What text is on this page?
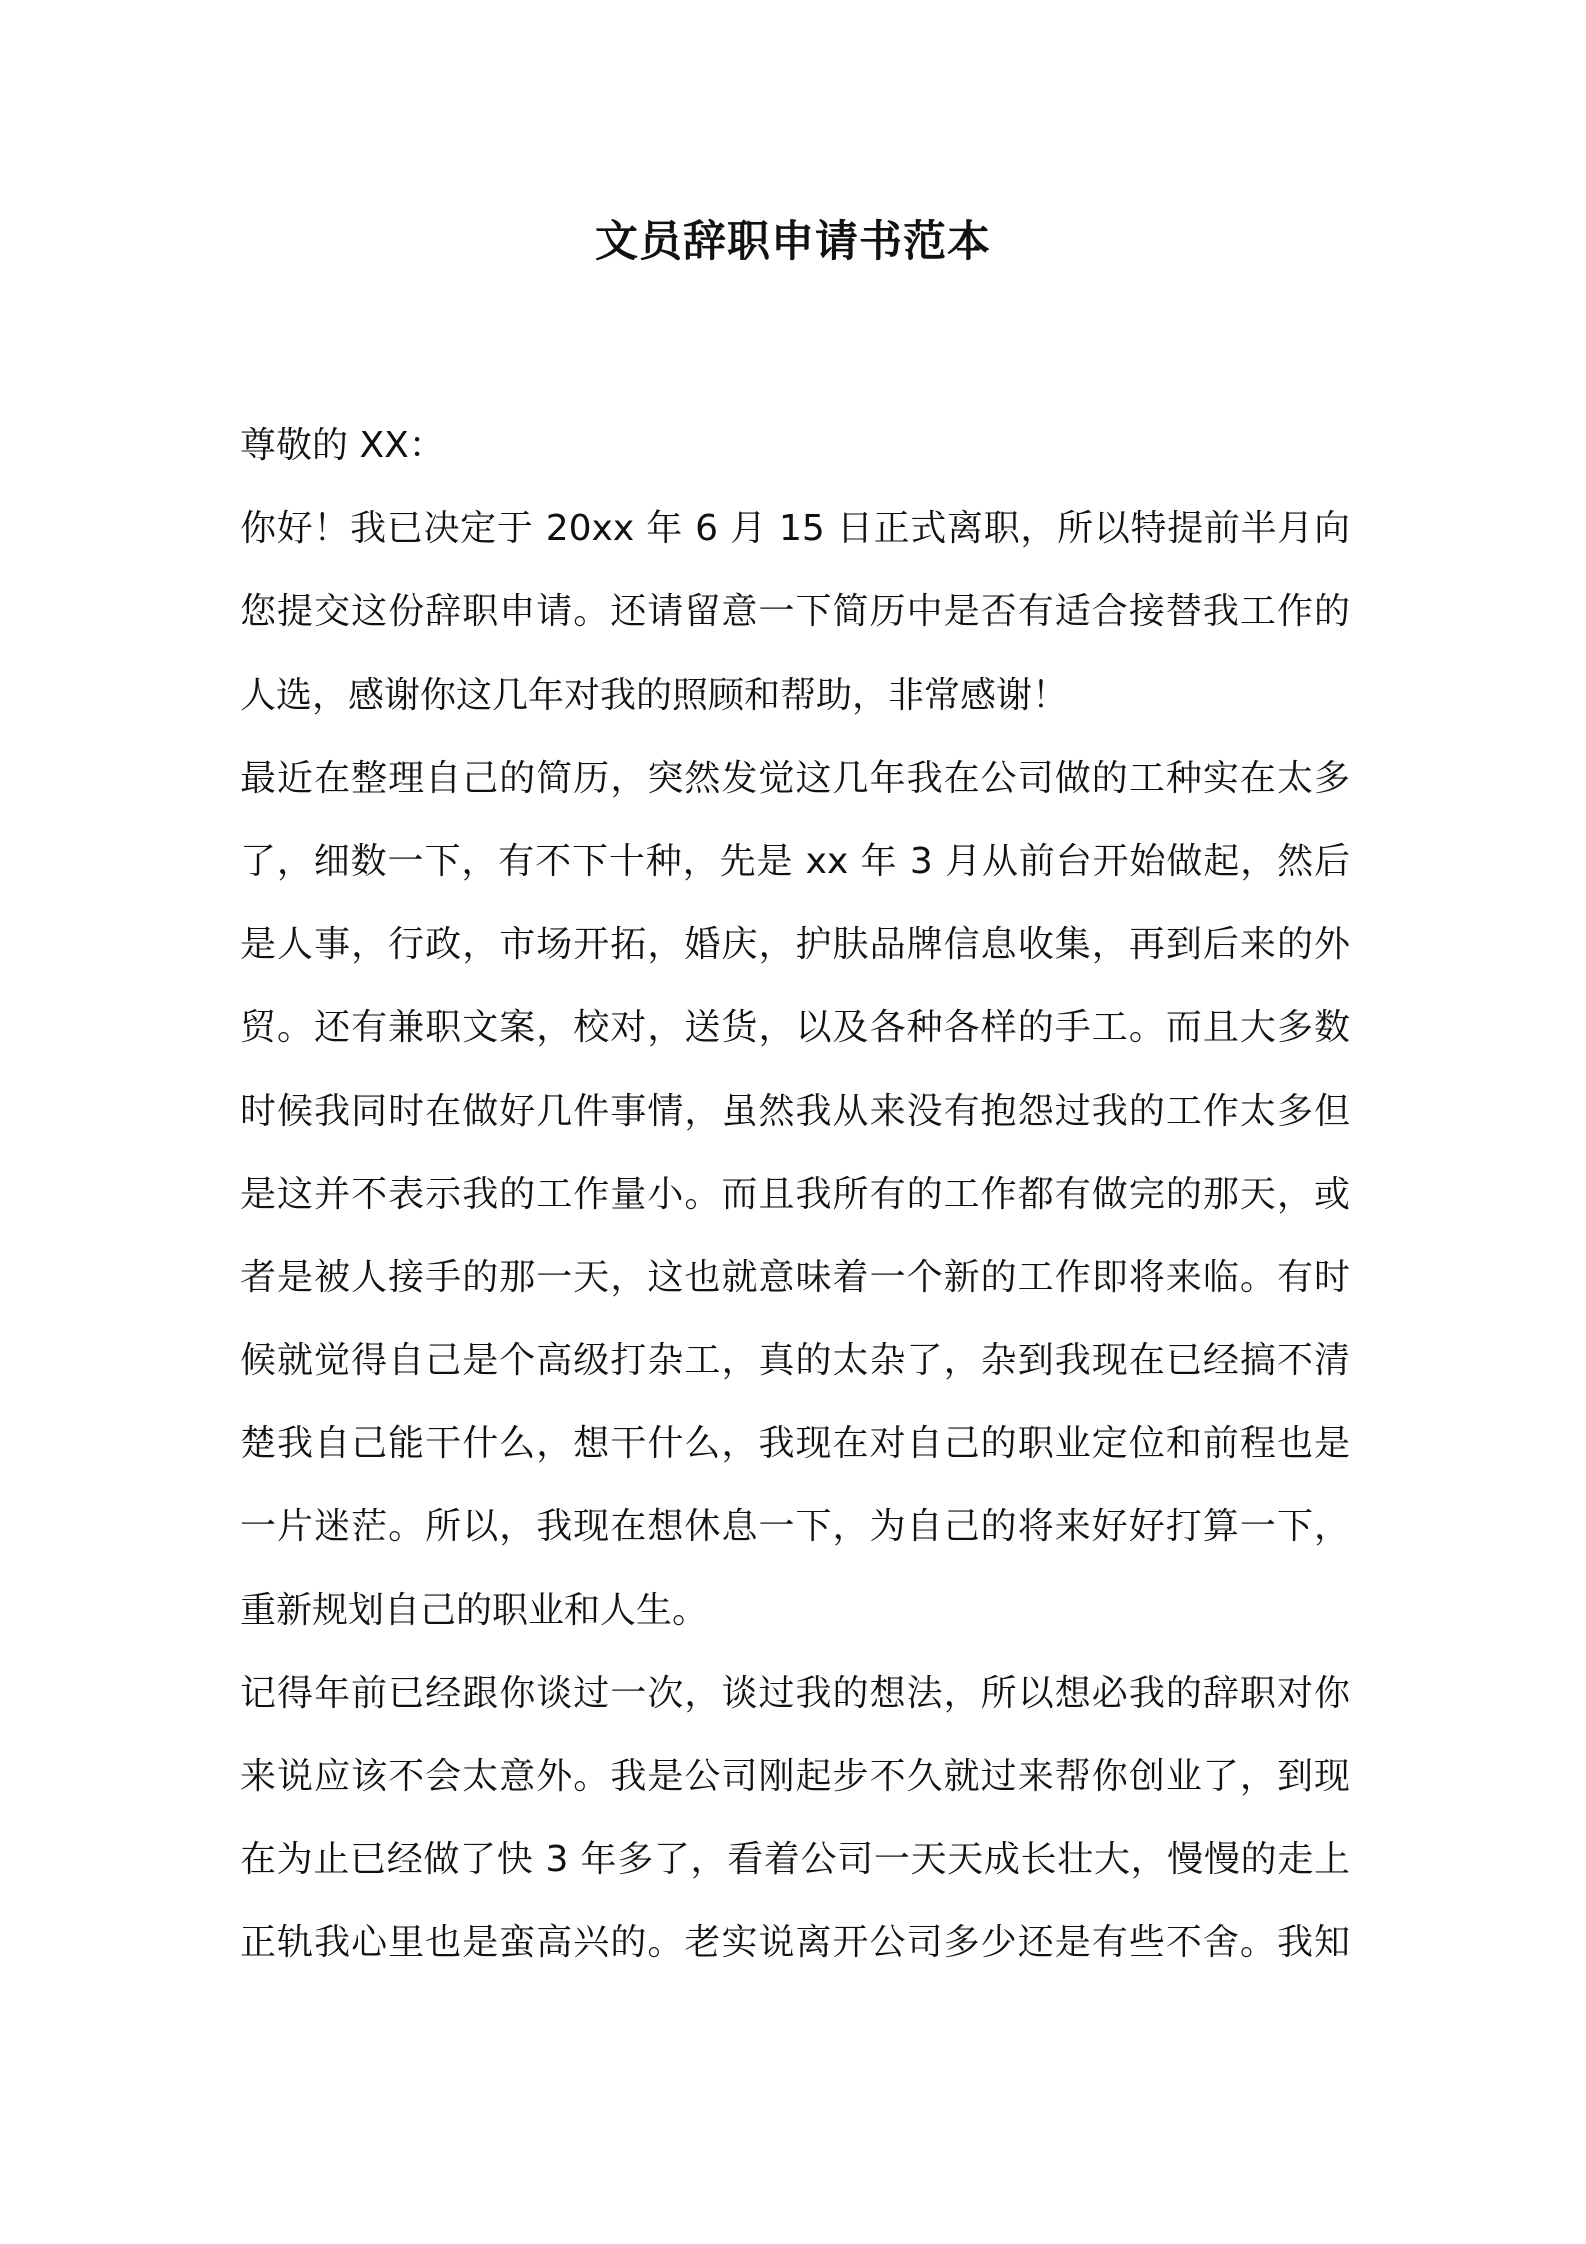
文员辞职申请书范本
尊敬的 XX：
你好！我已决定于 20xx 年 6 月 15 日正式离职，所以特提前半月向
您提交这份辞职申请。还请留意一下简历中是否有适合接替我工作的
人选，感谢你这几年对我的照顾和帮助，非常感谢！
最近在整理自己的简历，突然发觉这几年我在公司做的工种实在太多
了，细数一下，有不下十种，先是 xx 年 3 月从前台开始做起，然后
是人事，行政，市场开拓，婚庆，护肤品牌信息收集，再到后来的外
贸。还有兼职文案，校对，送货，以及各种各样的手工。而且大多数
时候我同时在做好几件事情，虽然我从来没有抱怨过我的工作太多但
是这并不表示我的工作量小。而且我所有的工作都有做完的那天，或
者是被人接手的那一天，这也就意味着一个新的工作即将来临。有时
候就觉得自己是个高级打杂工，真的太杂了，杂到我现在已经搞不清
楚我自己能干什么，想干什么，我现在对自己的职业定位和前程也是
一片迷茫。所以，我现在想休息一下，为自己的将来好好打算一下，
重新规划自己的职业和人生。
记得年前已经跟你谈过一次，谈过我的想法，所以想必我的辞职对你
来说应该不会太意外。我是公司刚起步不久就过来帮你创业了，到现
在为止已经做了快 3 年多了，看着公司一天天成长壮大，慢慢的走上
正轨我心里也是蛮高兴的。老实说离开公司多少还是有些不舍。我知
